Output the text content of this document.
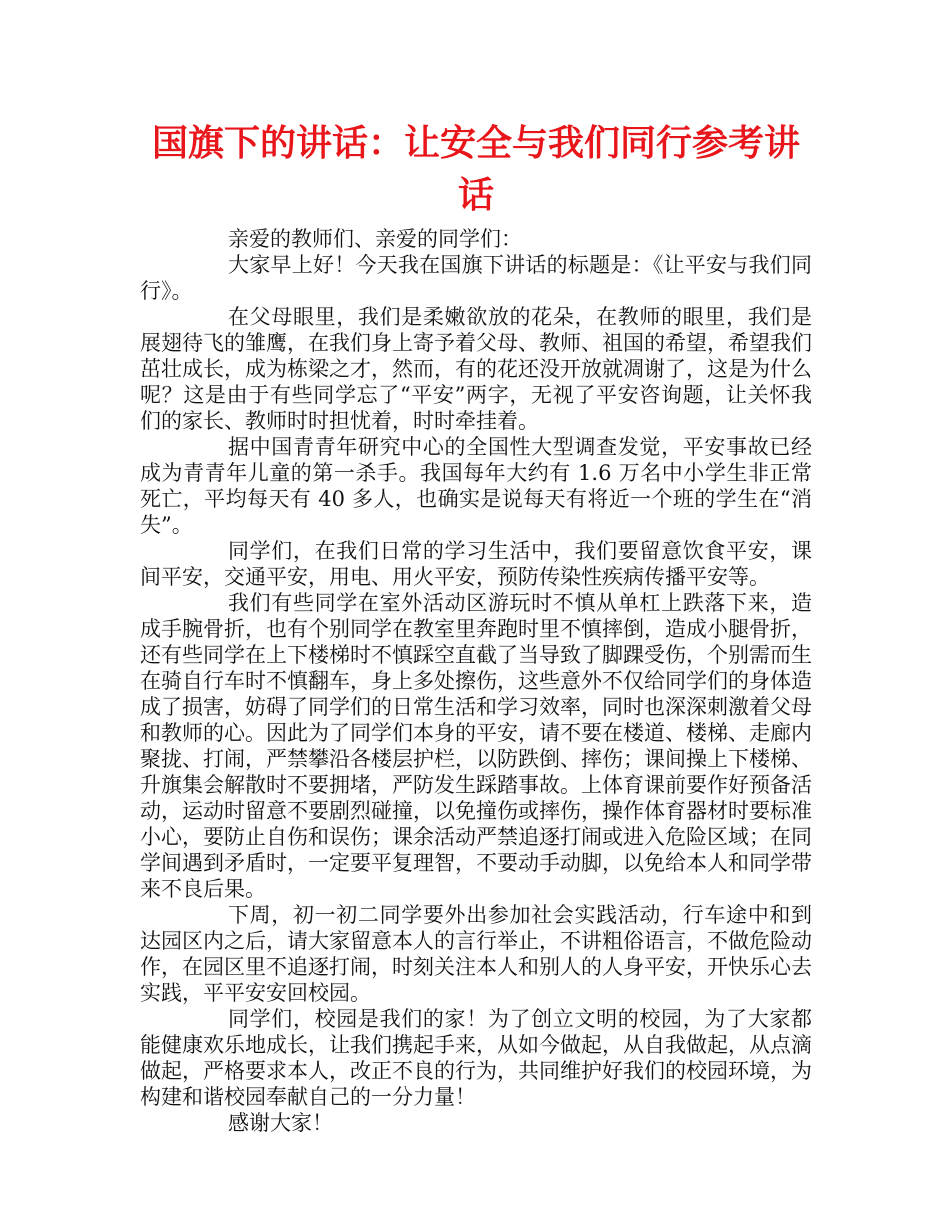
国旗下的讲话：让安全与我们同行参考讲话

亲爱的教师们、亲爱的同学们：

大家早上好！今天我在国旗下讲话的标题是：《让平安与我们同行》。

在父母眼里，我们是柔嫩欲放的花朵，在教师的眼里，我们是展翅待飞的雏鹰，在我们身上寄予着父母、教师、祖国的希望，希望我们茁壮成长，成为栋梁之才，然而，有的花还没开放就凋谢了，这是为什么呢？这是由于有些同学忘了“平安”两字，无视了平安咨询题，让关怀我们的家长、教师时时担忧着，时时牵挂着。

据中国青青年研究中心的全国性大型调查发觉，平安事故已经成为青青年儿童的第一杀手。我国每年大约有 1.6 万名中小学生非正常死亡，平均每天有 40 多人，也确实是说每天有将近一个班的学生在“消失”。

同学们，在我们日常的学习生活中，我们要留意饮食平安，课间平安，交通平安，用电、用火平安，预防传染性疾病传播平安等。

我们有些同学在室外活动区游玩时不慎从单杠上跌落下来，造成手腕骨折，也有个别同学在教室里奔跑时里不慎摔倒，造成小腿骨折，还有些同学在上下楼梯时不慎踩空直截了当导致了脚踝受伤，个别需而生在骑自行车时不慎翻车，身上多处擦伤，这些意外不仅给同学们的身体造成了损害，妨碍了同学们的日常生活和学习效率，同时也深深刺激着父母和教师的心。因此为了同学们本身的平安，请不要在楼道、楼梯、走廊内聚拢、打闹，严禁攀沿各楼层护栏，以防跌倒、摔伤；课间操上下楼梯、升旗集会解散时不要拥堵，严防发生踩踏事故。上体育课前要作好预备活动，运动时留意不要剧烈碰撞，以免撞伤或摔伤，操作体育器材时要标准小心，要防止自伤和误伤；课余活动严禁追逐打闹或进入危险区域；在同学间遇到矛盾时，一定要平复理智，不要动手动脚，以免给本人和同学带来不良后果。

下周，初一初二同学要外出参加社会实践活动，行车途中和到达园区内之后，请大家留意本人的言行举止，不讲粗俗语言，不做危险动作，在园区里不追逐打闹，时刻关注本人和别人的人身平安，开快乐心去实践，平平安安回校园。

同学们，校园是我们的家！为了创立文明的校园，为了大家都能健康欢乐地成长，让我们携起手来，从如今做起，从自我做起，从点滴做起，严格要求本人，改正不良的行为，共同维护好我们的校园环境，为构建和谐校园奉献自己的一分力量！

感谢大家！
